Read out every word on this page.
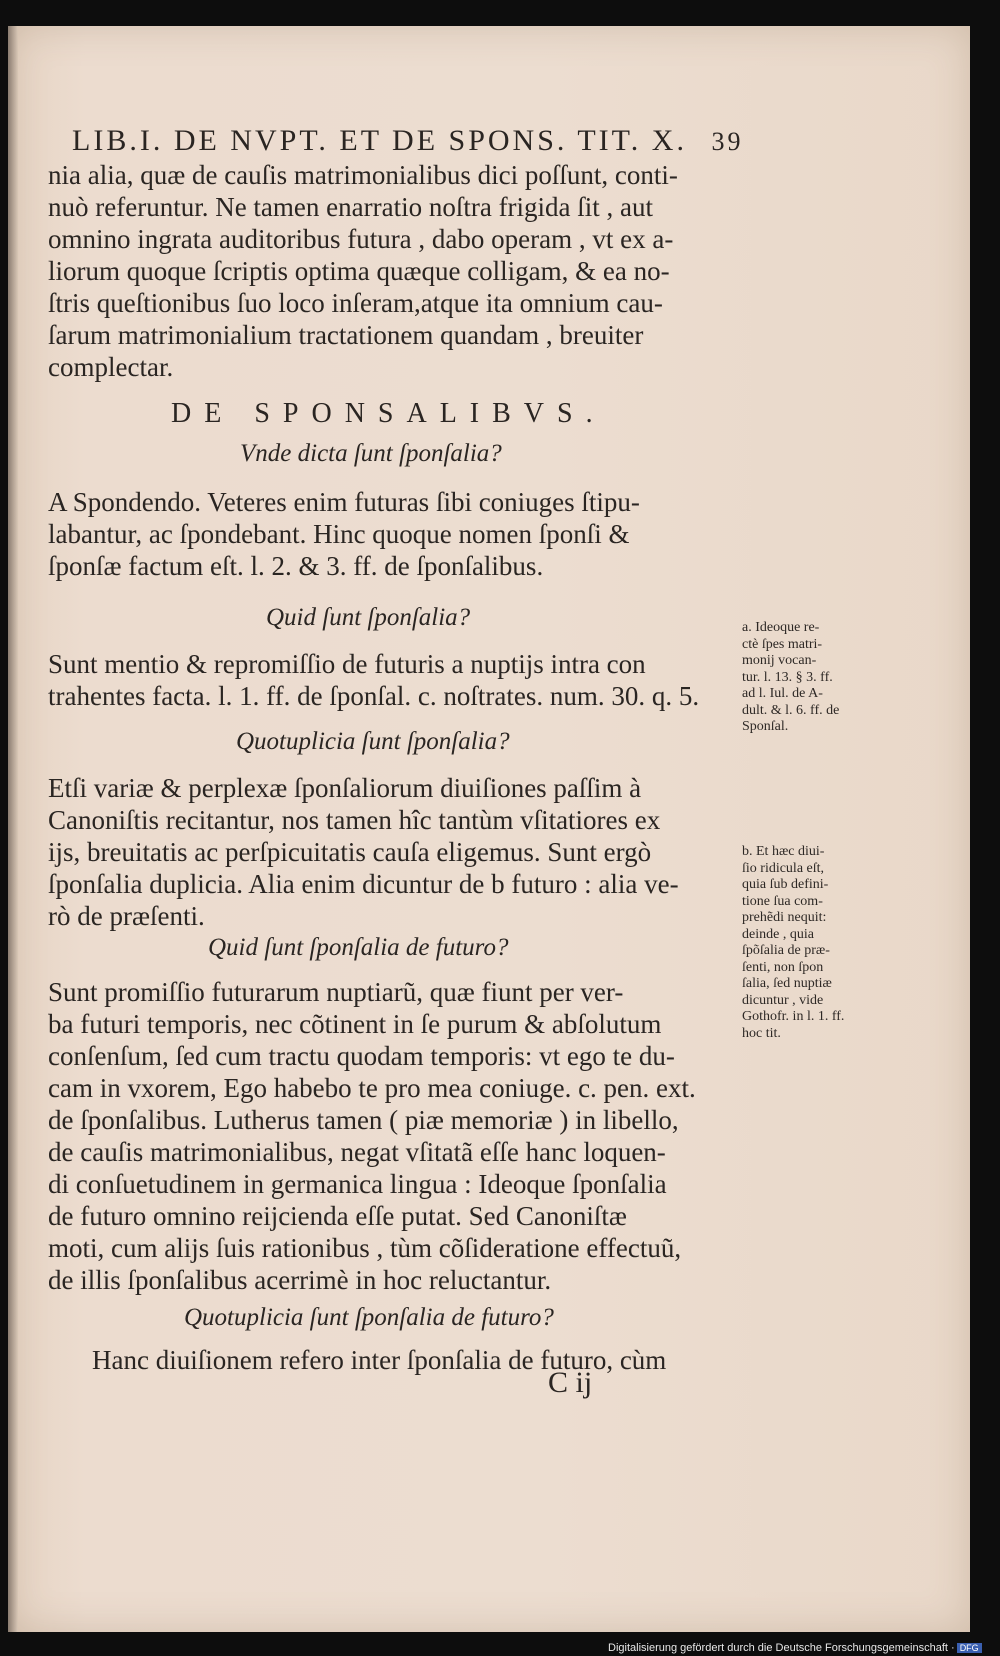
LIB.I. DE NVPT. ET DE SPONS. TIT. X. 39
nia alia, quæ de cauſis matrimonialibus dici poſſunt, conti-
nuò referuntur. Ne tamen enarratio noſtra frigida ſit , aut
omnino ingrata auditoribus futura , dabo operam , vt ex a-
liorum quoque ſcriptis optima quæque colligam, & ea no-
ſtris queſtionibus ſuo loco inſeram,atque ita omnium cau-
ſarum matrimonialium tractationem quandam , breuiter
complectar.
DE SPONSALIBVS.
Vnde dicta ſunt ſponſalia?
A Spondendo. Veteres enim futuras ſibi coniuges ſtipu-
labantur, ac ſpondebant. Hinc quoque nomen ſponſi &
ſponſæ factum eſt. l. 2. & 3. ff. de ſponſalibus.
Quid ſunt ſponſalia?
Sunt mentio & repromiſſio de futuris a nuptijs intra con
trahentes facta. l. 1. ff. de ſponſal. c. noſtrates. num. 30. q. 5.
Quotuplicia ſunt ſponſalia?
Etſi variæ & perplexæ ſponſaliorum diuiſiones paſſim à
Canoniſtis recitantur, nos tamen hîc tantùm vſitatiores ex
ijs, breuitatis ac perſpicuitatis cauſa eligemus. Sunt ergò
ſponſalia duplicia. Alia enim dicuntur de b futuro : alia ve-
rò de præſenti.
Quid ſunt ſponſalia de futuro?
Sunt promiſſio futurarum nuptiarũ, quæ fiunt per ver-
ba futuri temporis, nec cõtinent in ſe purum & abſolutum
conſenſum, ſed cum tractu quodam temporis: vt ego te du-
cam in vxorem, Ego habebo te pro mea coniuge. c. pen. ext.
de ſponſalibus. Lutherus tamen ( piæ memoriæ ) in libello,
de cauſis matrimonialibus, negat vſitatã eſſe hanc loquen-
di conſuetudinem in germanica lingua : Ideoque ſponſalia
de futuro omnino reijcienda eſſe putat. Sed Canoniſtæ
moti, cum alijs ſuis rationibus , tùm cõſideratione effectuũ,
de illis ſponſalibus acerrimè in hoc reluctantur.
Quotuplicia ſunt ſponſalia de futuro?
Hanc diuiſionem refero inter ſponſalia de futuro, cùm
C ij
a. Ideoque re-
ctè ſpes matri-
monij vocan-
tur. l. 13. § 3. ff.
ad l. Iul. de A-
dult. & l. 6. ff. de
Sponſal.
b. Et hæc diui-
ſio ridicula eſt,
quia ſub defini-
tione ſua com-
prehẽdi nequit:
deinde , quia
ſpõſalia de præ-
ſenti, non ſpon
ſalia, ſed nuptiæ
dicuntur , vide
Gothofr. in l. 1. ff.
hoc tit.
Digitalisierung gefördert durch die Deutsche Forschungsgemeinschaft · DFG
